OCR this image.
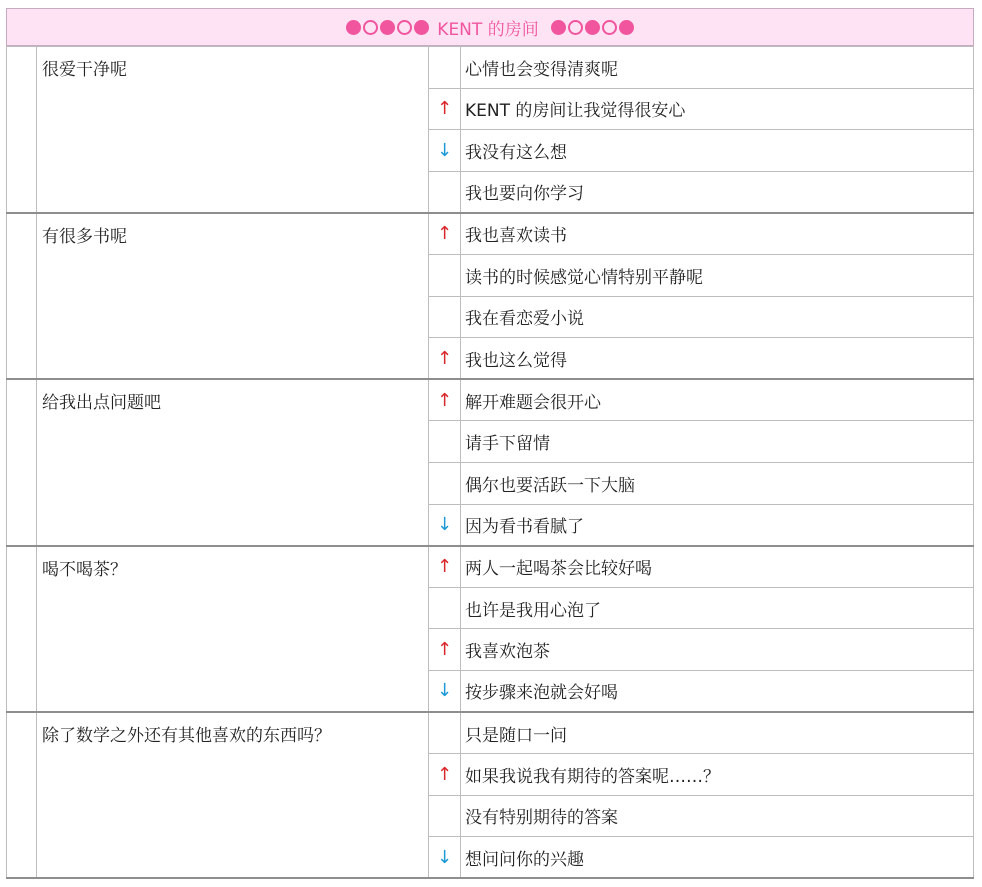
KENT 的房间
	很爱干净呢		心情也会变得清爽呢
		↑	KENT 的房间让我觉得很安心
		↓	我没有这么想
			我也要向你学习
	有很多书呢	↑	我也喜欢读书
			读书的时候感觉心情特别平静呢
			我在看恋爱小说
		↑	我也这么觉得
	给我出点问题吧	↑	解开难题会很开心
			请手下留情
			偶尔也要活跃一下大脑
		↓	因为看书看腻了
	喝不喝茶？	↑	两人一起喝茶会比较好喝
			也许是我用心泡了
		↑	我喜欢泡茶
		↓	按步骤来泡就会好喝
	除了数学之外还有其他喜欢的东西吗？		只是随口一问
		↑	如果我说我有期待的答案呢……？
			没有特别期待的答案
		↓	想问问你的兴趣
